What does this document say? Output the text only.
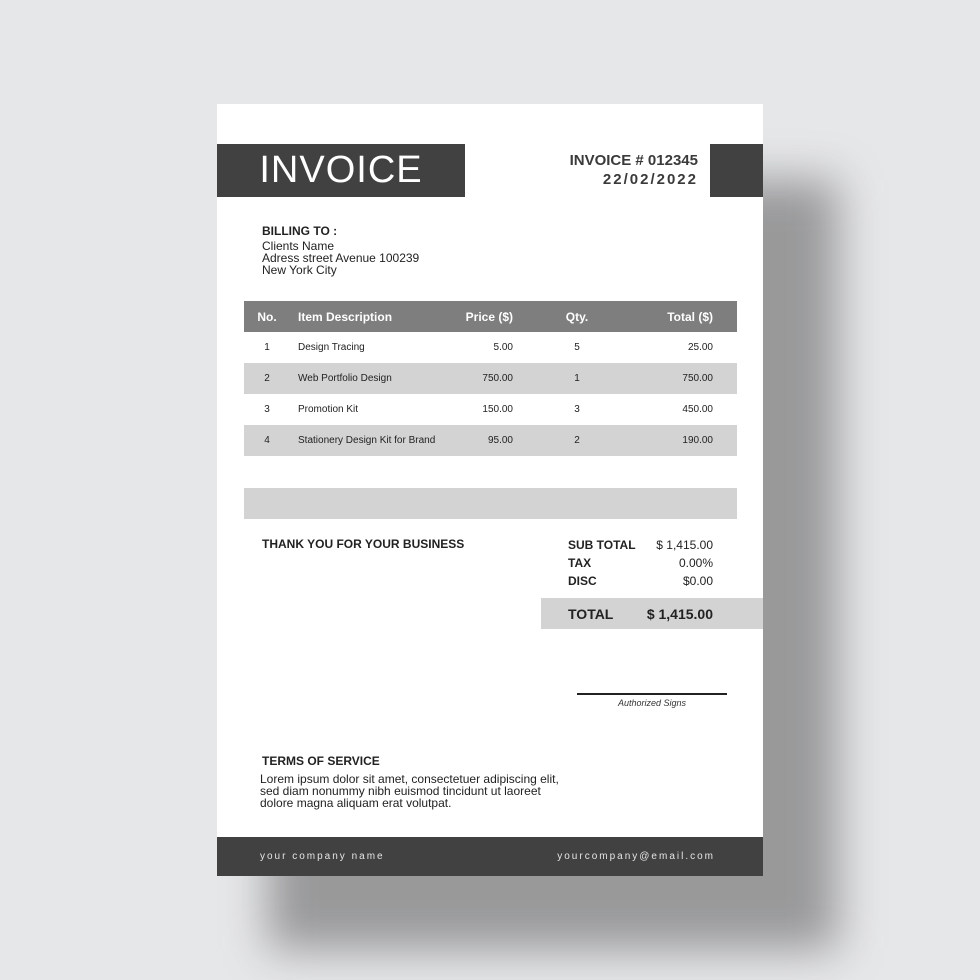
INVOICE	INVOICE # 012345
22/02/2022
BILLING TO :
Clients Name
Adress street Avenue 100239
New York City
No.	Item Description	Price ($)	Qty.	Total ($)
1	Design Tracing	5.00	5	25.00
2	Web Portfolio Design	750.00	1	750.00
3	Promotion Kit	150.00	3	450.00
4	Stationery Design Kit for Brand	95.00	2	190.00
THANK YOU FOR YOUR BUSINESS	SUB TOTAL $ 1,415.00
TAX	0.00%
DISC	$0.00
TOTAL $ 1,415.00
Authorized Signs
TERMS OF SERVICE
Lorem ipsum dolor sit amet, consectetuer adipiscing elit,
sed diam nonummy nibh euismod tincidunt ut laoreet
dolore magna aliquam erat volutpat.
your company name	yourcompany@email.com
